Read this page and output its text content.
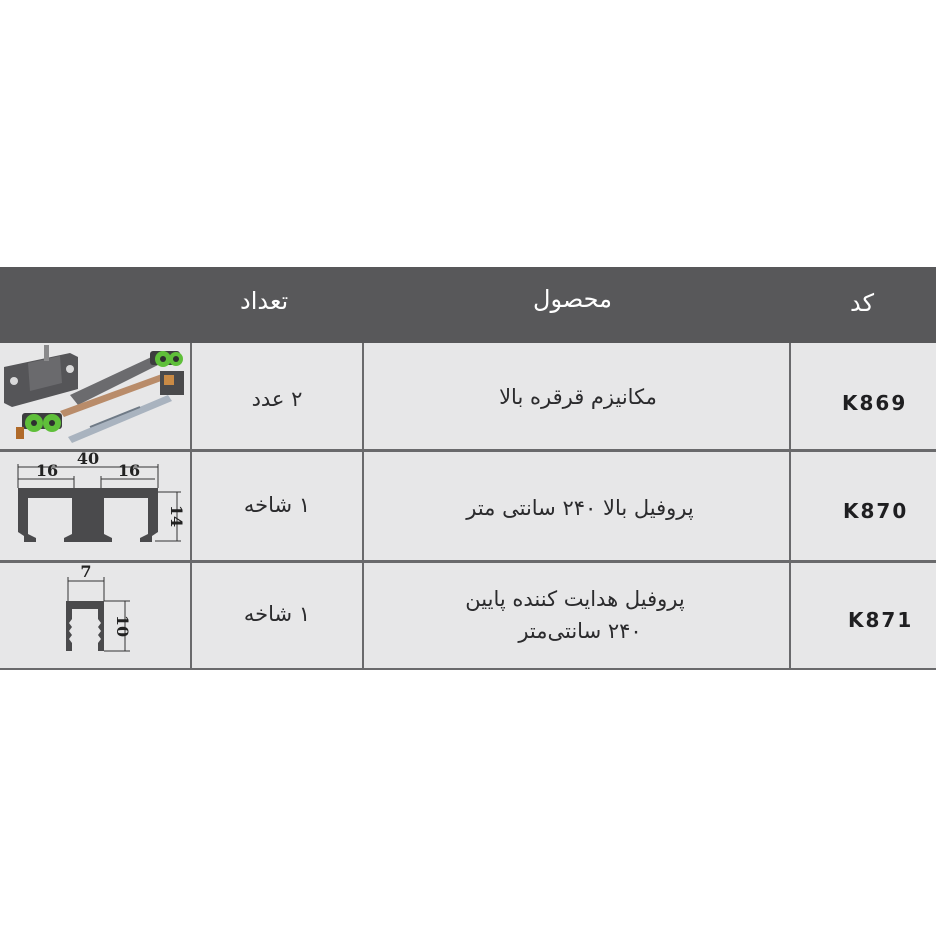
کد
محصول
تعداد
K869
مکانیزم قرقره بالا
۲ عدد
K870
پروفیل بالا ۲۴۰ سانتی متر
۱ شاخه
40
16	16
14
K871
پروفیل هدایت کننده پایین
۲۴۰ سانتی‌متر
۱ شاخه
7
10
